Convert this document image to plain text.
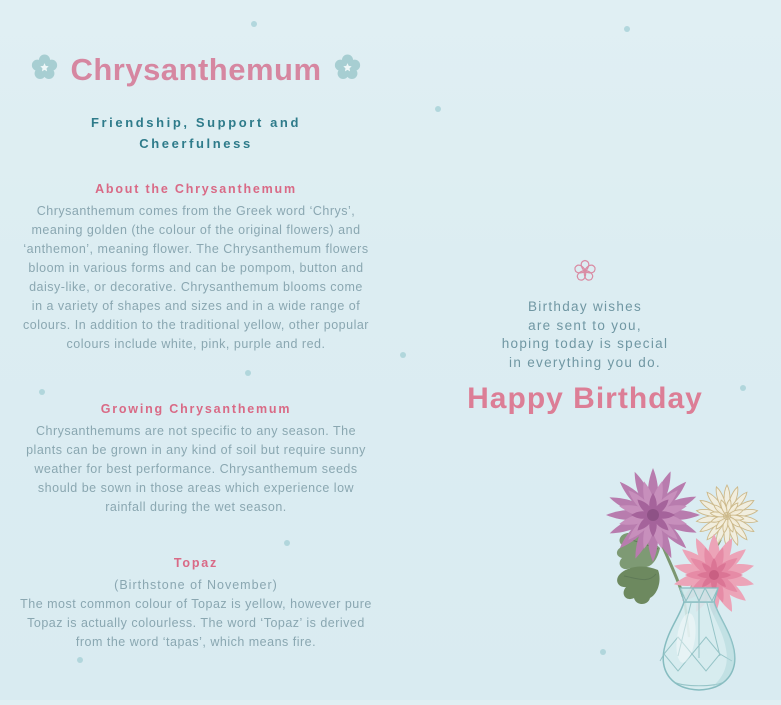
Chrysanthemum
Friendship, Support and Cheerfulness
About the Chrysanthemum
Chrysanthemum comes from the Greek word ‘Chrys’, meaning golden (the colour of the original flowers) and ‘anthemon’, meaning flower. The Chrysanthemum flowers bloom in various forms and can be pompom, button and daisy-like, or decorative. Chrysanthemum blooms come in a variety of shapes and sizes and in a wide range of colours. In addition to the traditional yellow, other popular colours include white, pink, purple and red.
Growing Chrysanthemum
Chrysanthemums are not specific to any season. The plants can be grown in any kind of soil but require sunny weather for best performance. Chrysanthemum seeds should be sown in those areas which experience low rainfall during the wet season.
Topaz
(Birthstone of November)
The most common colour of Topaz is yellow, however pure Topaz is actually colourless. The word ‘Topaz’ is derived from the word ‘tapas’, which means fire.
Birthday wishes
are sent to you,
hoping today is special
in everything you do.
Happy Birthday
